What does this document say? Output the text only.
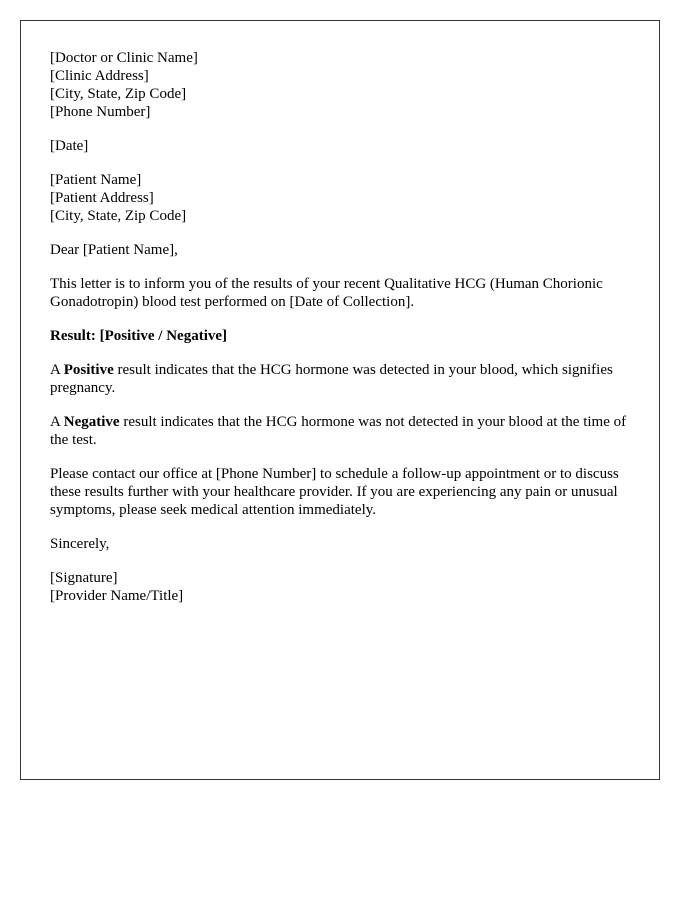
[Doctor or Clinic Name]
[Clinic Address]
[City, State, Zip Code]
[Phone Number]

[Date]

[Patient Name]
[Patient Address]
[City, State, Zip Code]

Dear [Patient Name],

This letter is to inform you of the results of your recent Qualitative HCG (Human Chorionic Gonadotropin) blood test performed on [Date of Collection].

Result: [Positive / Negative]

A Positive result indicates that the HCG hormone was detected in your blood, which signifies pregnancy.

A Negative result indicates that the HCG hormone was not detected in your blood at the time of the test.

Please contact our office at [Phone Number] to schedule a follow-up appointment or to discuss these results further with your healthcare provider. If you are experiencing any pain or unusual symptoms, please seek medical attention immediately.

Sincerely,

[Signature]
[Provider Name/Title]
